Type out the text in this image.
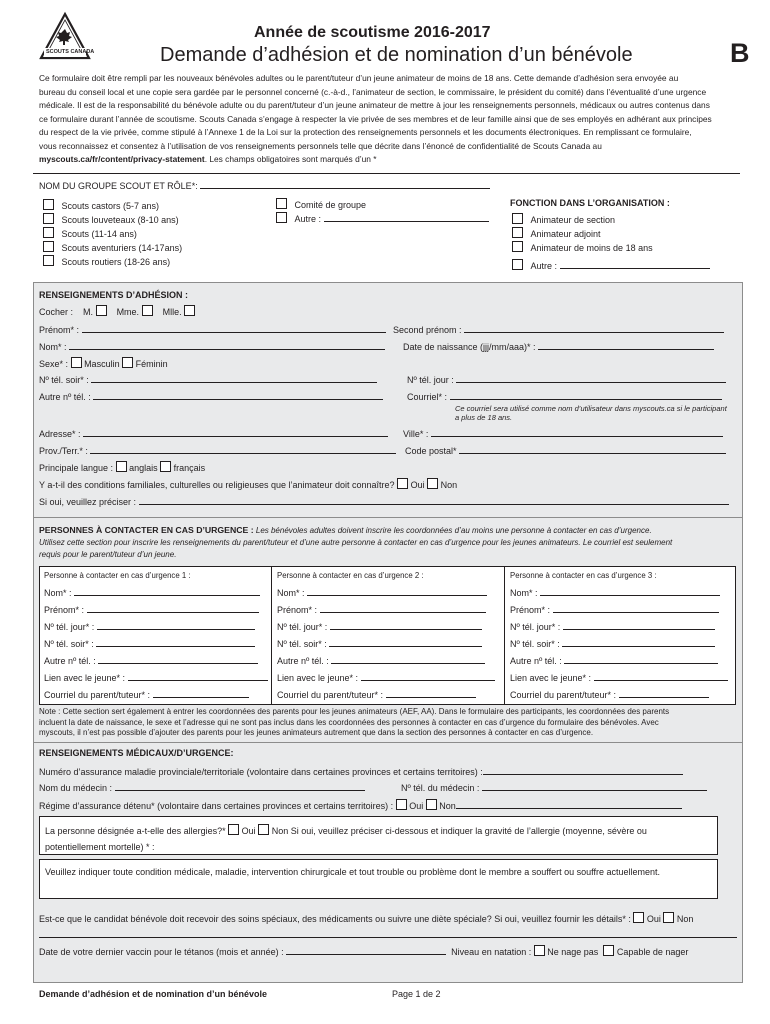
SCOUTS CANADA
Année de scoutisme 2016-2017
Demande d’adhésion et de nomination d’un bénévole	B
Ce formulaire doit être rempli par les nouveaux bénévoles adultes ou le parent/tuteur d’un jeune animateur de moins de 18 ans. Cette demande d’adhésion sera envoyée au
bureau du conseil local et une copie sera gardée par le personnel concerné (c.-à-d., l’animateur de section, le commissaire, le président du comité) dans l’éventualité d’une urgence
médicale. Il est de la responsabilité du bénévole adulte ou du parent/tuteur d’un jeune animateur de mettre à jour les renseignements personnels, médicaux ou autres contenus dans
ce formulaire durant l’année de scoutisme. Scouts Canada s’engage à respecter la vie privée de ses membres et de leur famille ainsi que de ses employés en adhérant aux principes
du respect de la vie privée, comme stipulé à l’Annexe 1 de la Loi sur la protection des renseignements personnels et les documents électroniques. En remplissant ce formulaire,
vous reconnaissez et consentez à l’utilisation de vos renseignements personnels telle que décrite dans l’énoncé de confidentialité de Scouts Canada au
myscouts.ca/fr/content/privacy-statement. Les champs obligatoires sont marqués d’un *
NOM DU GROUPE SCOUT ET RÔLE*:
Scouts castors (5-7 ans)
Scouts louveteaux (8-10 ans)
Scouts (11-14 ans)
Scouts aventuriers (14-17ans)
Scouts routiers (18-26 ans)
Comité de groupe
Autre :
FONCTION DANS L’ORGANISATION :
Animateur de section
Animateur adjoint
Animateur de moins de 18 ans
Autre :
RENSEIGNEMENTS D’ADHÉSION :
Cocher : M.	Mme.	Mlle.
Prénom* :	Second prénom :
Nom* :	Date de naissance (jjj/mm/aaa)* :
Sexe* : Masculin Féminin
Nº tél. soir* :	Nº tél. jour :
Autre nº tél. :	Courriel* :
Ce courriel sera utilisé comme nom d’utilisateur dans myscouts.ca si le participant
a plus de 18 ans.
Adresse* :	Ville* :
Prov./Terr.* :	Code postal*
Principale langue : anglais français
Y a-t-il des conditions familiales, culturelles ou religieuses que l’animateur doit connaître? Oui Non
Si oui, veuillez préciser :
PERSONNES À CONTACTER EN CAS D’URGENCE : Les bénévoles adultes doivent inscrire les coordonnées d’au moins une personne à contacter en cas d’urgence.
Utilisez cette section pour inscrire les renseignements du parent/tuteur et d’une autre personne à contacter en cas d’urgence pour les jeunes animateurs. Le courriel est seulement
requis pour le parent/tuteur d’un jeune.
Personne à contacter en cas d’urgence 1 :
Nom* :
Prénom* :
Nº tél. jour* :
Nº tél. soir* :
Autre nº tél. :
Lien avec le jeune* :
Courriel du parent/tuteur* :
Personne à contacter en cas d’urgence 2 :
Nom* :
Prénom* :
Nº tél. jour* :
Nº tél. soir* :
Autre nº tél. :
Lien avec le jeune* :
Courriel du parent/tuteur* :
Personne à contacter en cas d’urgence 3 :
Nom* :
Prénom* :
Nº tél. jour* :
Nº tél. soir* :
Autre nº tél. :
Lien avec le jeune* :
Courriel du parent/tuteur* :
Note : Cette section sert également à entrer les coordonnées des parents pour les jeunes animateurs (AEF, AA). Dans le formulaire des participants, les coordonnées des parents
incluent la date de naissance, le sexe et l’adresse qui ne sont pas inclus dans les coordonnées des personnes à contacter en cas d’urgence du formulaire des bénévoles. Avec
myscouts, il n’est pas possible d’ajouter des parents pour les jeunes animateurs autrement que dans la section des personnes à contacter en cas d’urgence.
RENSEIGNEMENTS MÉDICAUX/D’URGENCE:
Numéro d’assurance maladie provinciale/territoriale (volontaire dans certaines provinces et certains territoires) :
Nom du médecin :	Nº tél. du médecin :
Régime d’assurance détenu* (volontaire dans certaines provinces et certains territoires) : Oui Non
La personne désignée a-t-elle des allergies?* Oui Non Si oui, veuillez préciser ci-dessous et indiquer la gravité de l’allergie (moyenne, sévère ou
potentiellement mortelle) * :
Veuillez indiquer toute condition médicale, maladie, intervention chirurgicale et tout trouble ou problème dont le membre a souffert ou souffre actuellement.
Est-ce que le candidat bénévole doit recevoir des soins spéciaux, des médicaments ou suivre une diète spéciale? Si oui, veuillez fournir les détails* : Oui Non
Date de votre dernier vaccin pour le tétanos (mois et année) :	Niveau en natation : Ne nage pas Capable de nager
Demande d’adhésion et de nomination d’un bénévole	Page 1 de 2
